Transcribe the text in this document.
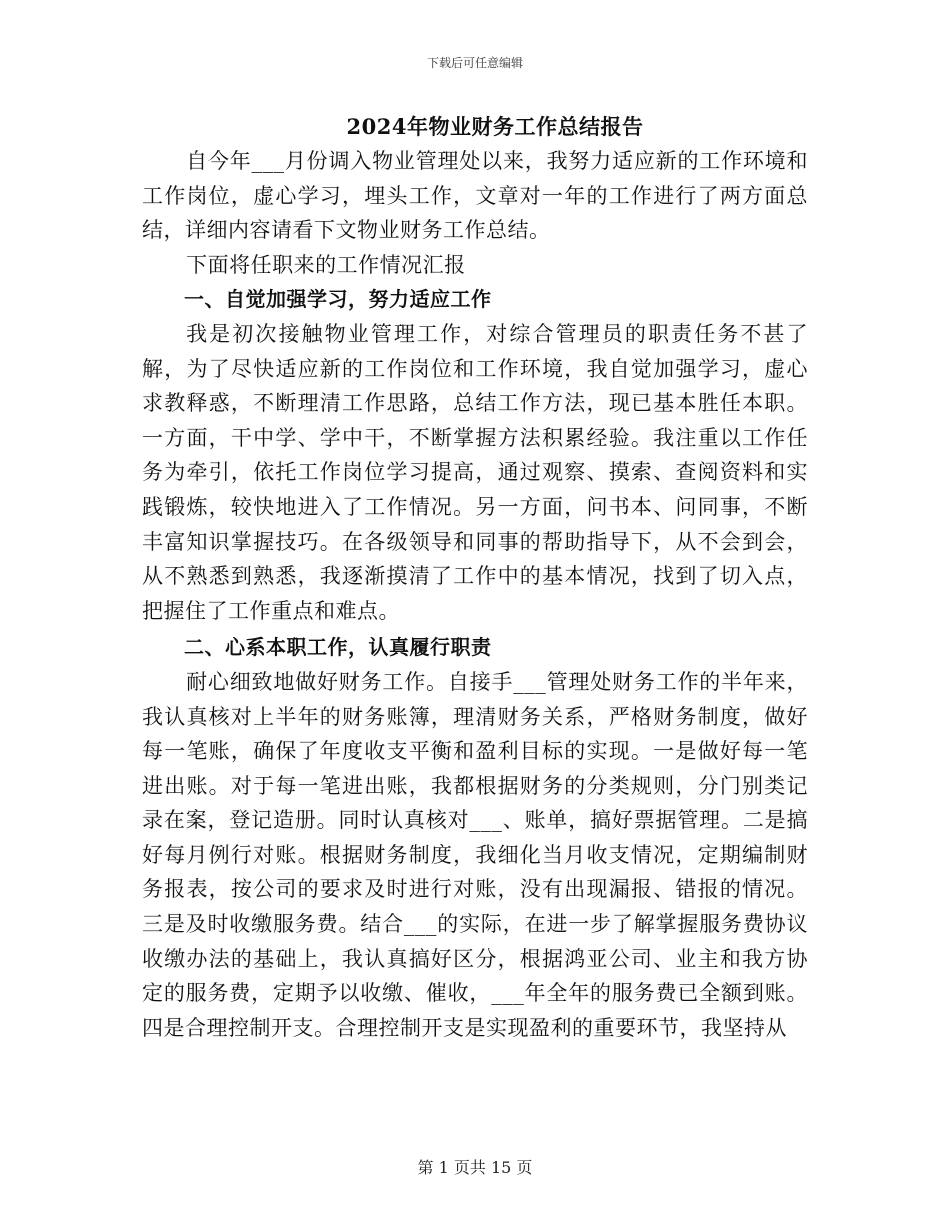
下载后可任意编辑
2024年物业财务工作总结报告

自今年___月份调入物业管理处以来，我努力适应新的工作环境和工作岗位，虚心学习，埋头工作，文章对一年的工作进行了两方面总结，详细内容请看下文物业财务工作总结。

下面将任职来的工作情况汇报

一、自觉加强学习，努力适应工作

我是初次接触物业管理工作，对综合管理员的职责任务不甚了解，为了尽快适应新的工作岗位和工作环境，我自觉加强学习，虚心求教释惑，不断理清工作思路，总结工作方法，现已基本胜任本职。一方面，干中学、学中干，不断掌握方法积累经验。我注重以工作任务为牵引，依托工作岗位学习提高，通过观察、摸索、查阅资料和实践锻炼，较快地进入了工作情况。另一方面，问书本、问同事，不断丰富知识掌握技巧。在各级领导和同事的帮助指导下，从不会到会，从不熟悉到熟悉，我逐渐摸清了工作中的基本情况，找到了切入点，把握住了工作重点和难点。

二、心系本职工作，认真履行职责

耐心细致地做好财务工作。自接手___管理处财务工作的半年来，我认真核对上半年的财务账簿，理清财务关系，严格财务制度，做好每一笔账，确保了年度收支平衡和盈利目标的实现。一是做好每一笔进出账。对于每一笔进出账，我都根据财务的分类规则，分门别类记录在案，登记造册。同时认真核对___、账单，搞好票据管理。二是搞好每月例行对账。根据财务制度，我细化当月收支情况，定期编制财务报表，按公司的要求及时进行对账，没有出现漏报、错报的情况。三是及时收缴服务费。结合___的实际，在进一步了解掌握服务费协议收缴办法的基础上，我认真搞好区分，根据鸿亚公司、业主和我方协定的服务费，定期予以收缴、催收，___年全年的服务费已全额到账。四是合理控制开支。合理控制开支是实现盈利的重要环节，我坚持从

第 1 页共 15 页
